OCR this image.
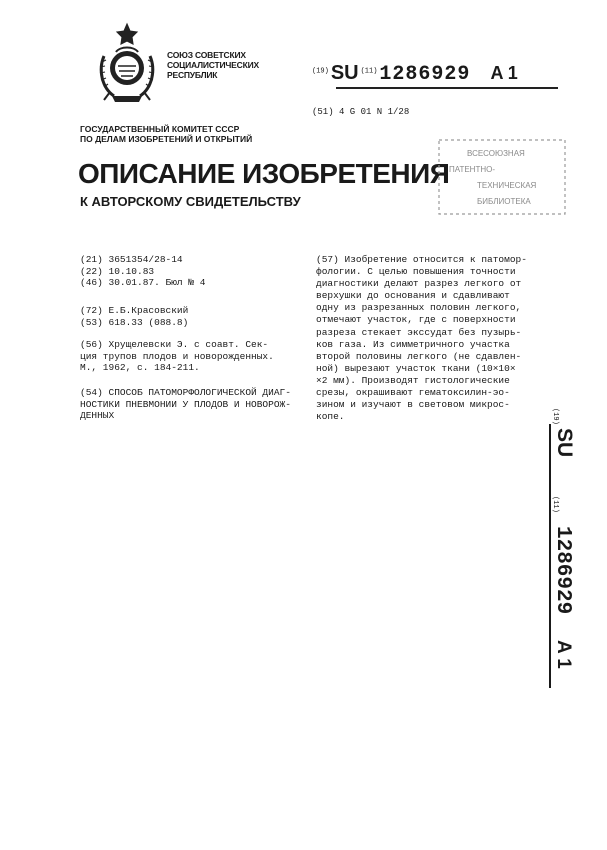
СОЮЗ СОВЕТСКИХ
СОЦИАЛИСТИЧЕСКИХ
РЕСПУБЛИК	$^{(19)}$ SU $^{(11)}$ 1286929 A 1
(51) 4 G 01 N 1/28
ГОСУДАРСТВЕННЫЙ КОМИТЕТ СССР
ПО ДЕЛАМ ИЗОБРЕТЕНИЙ И ОТКРЫТИЙ
ОПИСАНИЕ ИЗОБРЕТЕНИЯ
К АВТОРСКОМУ СВИДЕТЕЛЬСТВУ
ВСЕСОЮЗНАЯ
ПАТЕНТНО-
ТЕХНИЧЕСКАЯ
БИБЛИОТЕКА
(21) 3651354/28-14
(22) 10.10.83
(46) 30.01.87. Бюл № 4
(72) Е.Б.Красовский
(53) 618.33 (088.8)
(56) Хрущелевски Э. с соавт. Сек-
ция трупов плодов и новорожденных.
М., 1962, с. 184-211.
(54) СПОСОБ ПАТОМОРФОЛОГИЧЕСКОЙ ДИАГ-
НОСТИКИ ПНЕВМОНИИ У ПЛОДОВ И НОВОРОЖ-
ДЕННЫХ
(57) Изобретение относится к патомор-
фологии. С целью повышения точности
диагностики делают разрез легкого от
верхушки до основания и сдавливают
одну из разрезанных половин легкого,
отмечают участок, где с поверхности
разреза стекает экссудат без пузырь-
ков газа. Из симметричного участка
второй половины легкого (не сдавлен-
ной) вырезают участок ткани (10×10×
×2 мм). Производят гистологические
срезы, окрашивают гематоксилин-эо-
зином и изучают в световом микрос-
копе.	(19)
SU
(11)
1286929
A 1
